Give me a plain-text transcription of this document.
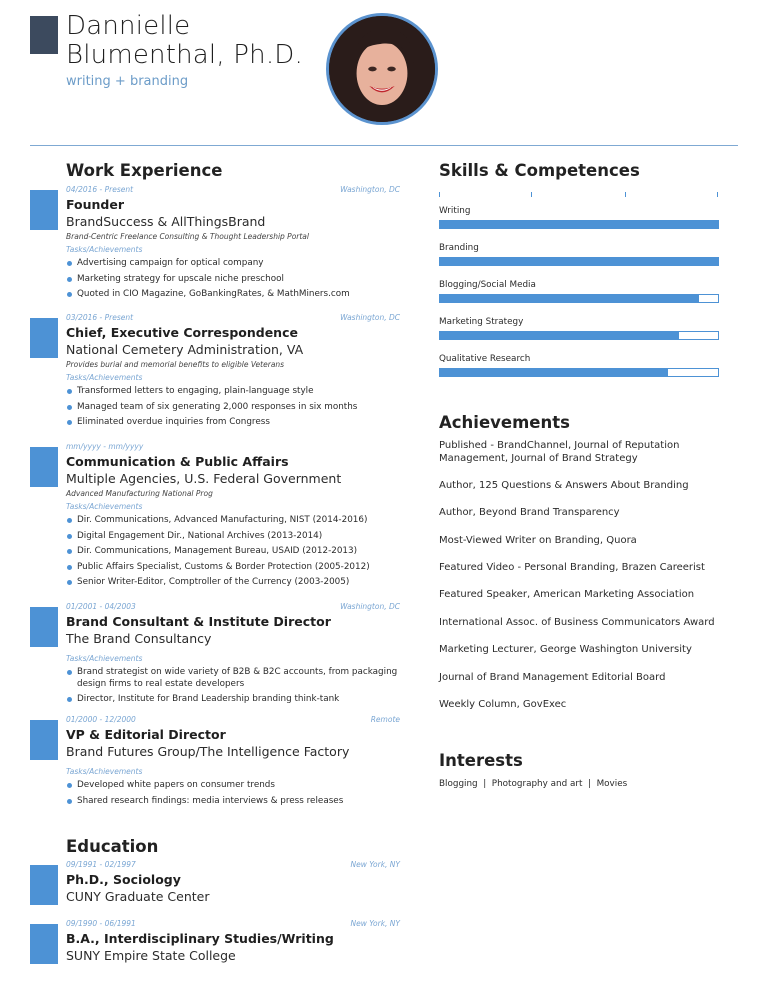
Dannielle
Blumenthal, Ph.D.
writing + branding
Work Experience
04/2016 - Present	Washington, DC
Founder
BrandSuccess & AllThingsBrand
Brand-Centric Freelance Consulting & Thought Leadership Portal
Tasks/Achievements
Advertising campaign for optical company
Marketing strategy for upscale niche preschool
Quoted in CIO Magazine, GoBankingRates, & MathMiners.com
03/2016 - Present	Washington, DC
Chief, Executive Correspondence
National Cemetery Administration, VA
Provides burial and memorial benefits to eligible Veterans
Tasks/Achievements
Transformed letters to engaging, plain-language style
Managed team of six generating 2,000 responses in six months
Eliminated overdue inquiries from Congress
mm/yyyy - mm/yyyy
Communication & Public Affairs
Multiple Agencies, U.S. Federal Government
Advanced Manufacturing National Prog
Tasks/Achievements
Dir. Communications, Advanced Manufacturing, NIST (2014-2016)
Digital Engagement Dir., National Archives (2013-2014)
Dir. Communications, Management Bureau, USAID (2012-2013)
Public Affairs Specialist, Customs & Border Protection (2005-2012)
Senior Writer-Editor, Comptroller of the Currency (2003-2005)
01/2001 - 04/2003	Washington, DC
Brand Consultant & Institute Director
The Brand Consultancy
Tasks/Achievements
Brand strategist on wide variety of B2B & B2C accounts, from packaging design firms to real estate developers
Director, Institute for Brand Leadership branding think-tank
01/2000 - 12/2000	Remote
VP & Editorial Director
Brand Futures Group/The Intelligence Factory
Tasks/Achievements
Developed white papers on consumer trends
Shared research findings: media interviews & press releases
Education
09/1991 - 02/1997	New York, NY
Ph.D., Sociology
CUNY Graduate Center
09/1990 - 06/1991	New York, NY
B.A., Interdisciplinary Studies/Writing
SUNY Empire State College
Skills & Competences
Writing
Branding
Blogging/Social Media
Marketing Strategy
Qualitative Research
Achievements
Published - BrandChannel, Journal of Reputation Management, Journal of Brand Strategy
Author, 125 Questions & Answers About Branding
Author, Beyond Brand Transparency
Most-Viewed Writer on Branding, Quora
Featured Video - Personal Branding, Brazen Careerist
Featured Speaker, American Marketing Association
International Assoc. of Business Communicators Award
Marketing Lecturer, George Washington University
Journal of Brand Management Editorial Board
Weekly Column, GovExec
Interests
Blogging  |  Photography and art  |  Movies
